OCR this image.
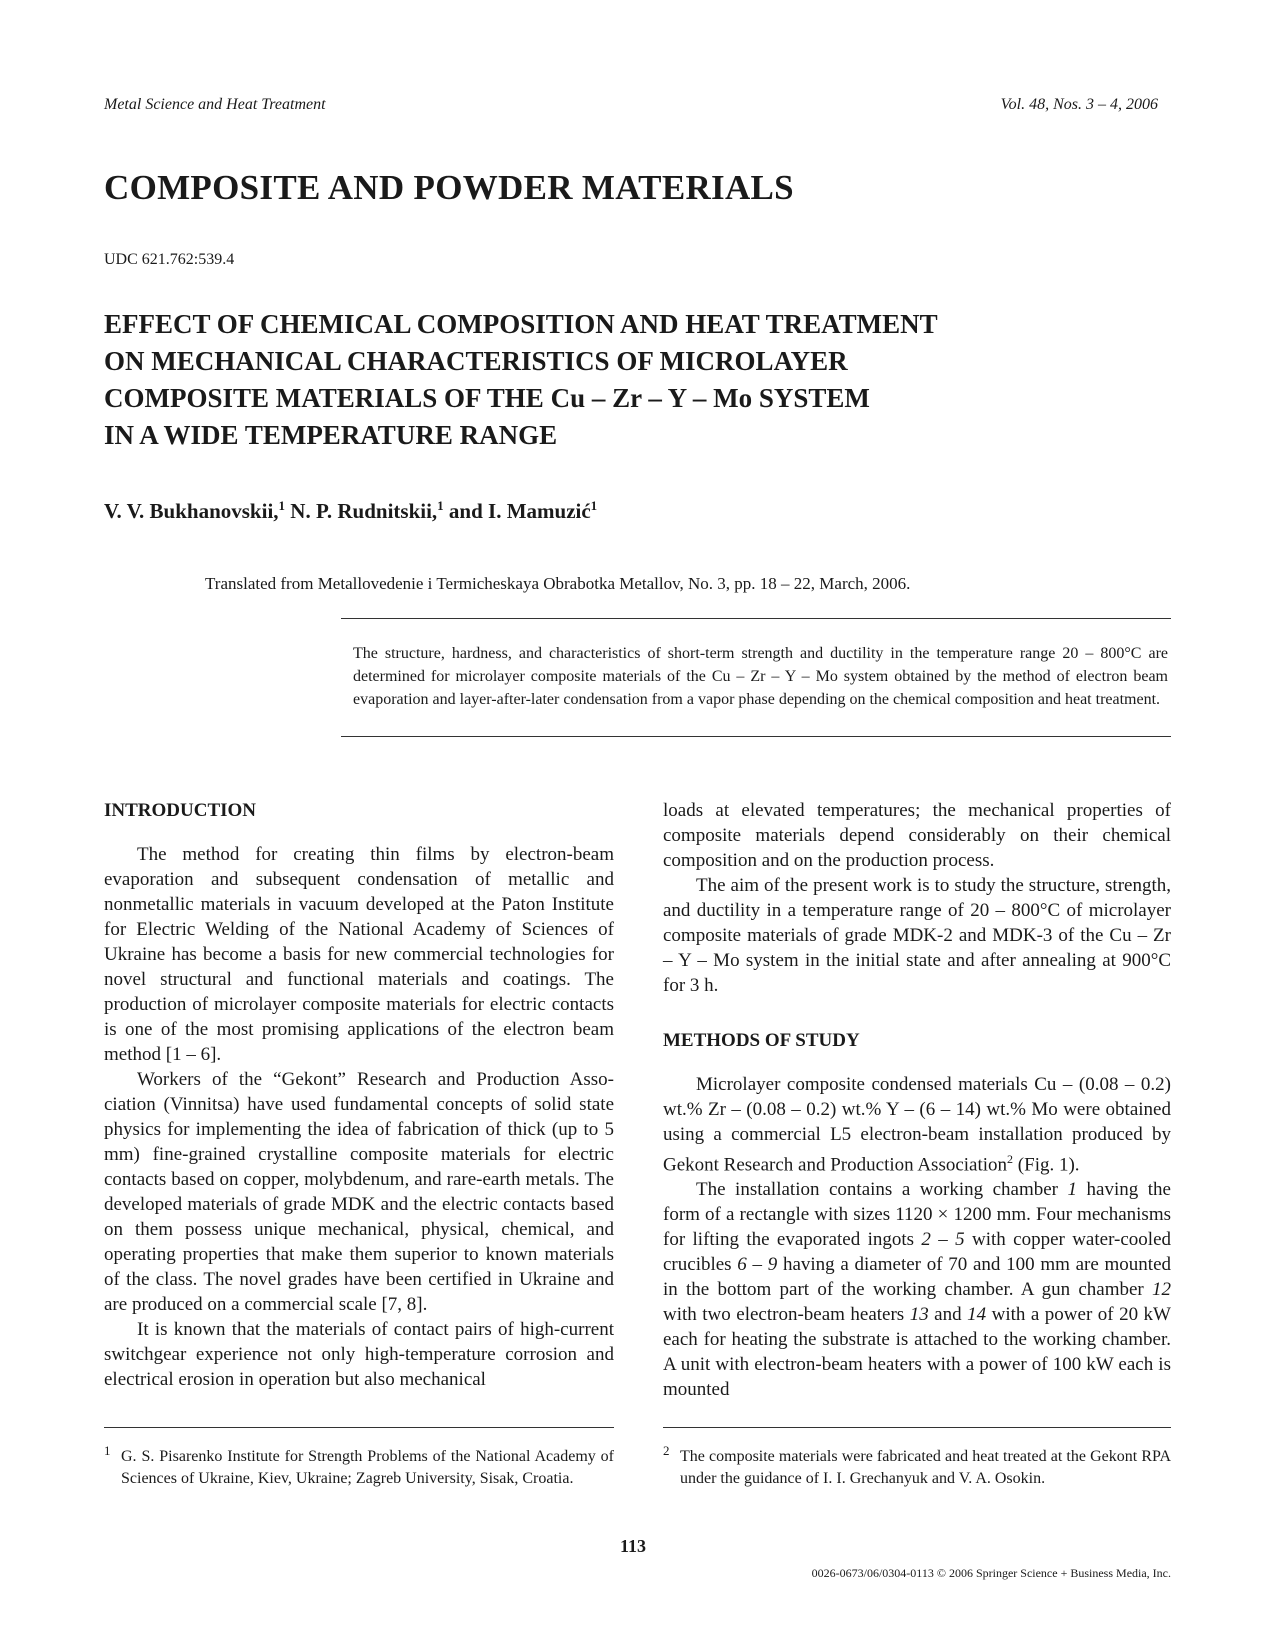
Metal Science and Heat Treatment	Vol. 48, Nos. 3 – 4, 2006
COMPOSITE AND POWDER MATERIALS
UDC 621.762:539.4
EFFECT OF CHEMICAL COMPOSITION AND HEAT TREATMENT
ON MECHANICAL CHARACTERISTICS OF MICROLAYER
COMPOSITE MATERIALS OF THE Cu – Zr – Y – Mo SYSTEM
IN A WIDE TEMPERATURE RANGE
V. V. Bukhanovskii,$^1$ N. P. Rudnitskii,$^1$ and I. Mamuzić$^1$
Translated from Metallovedenie i Termicheskaya Obrabotka Metallov, No. 3, pp. 18 – 22, March, 2006.
The structure, hardness, and characteristics of short-term strength and ductility in the temperature range 20 – 800°C are determined for microlayer composite materials of the Cu – Zr – Y – Mo system obtained by the method of electron beam evaporation and layer-after-later condensation from a vapor phase depending on the chemical composition and heat treatment.
INTRODUCTION

The method for creating thin films by electron-beam evaporation and subsequent condensation of metallic and nonmetallic materials in vacuum developed at the Paton Institute for Electric Welding of the National Academy of Sciences of Ukraine has become a basis for new commercial technologies for novel structural and functional materials and coatings. The production of microlayer composite materials for electric contacts is one of the most promising applications of the electron beam method [1 – 6].

Workers of the “Gekont” Research and Production Association (Vinnitsa) have used fundamental concepts of solid state physics for implementing the idea of fabrication of thick (up to 5 mm) fine-grained crystalline composite materials for electric contacts based on copper, molybdenum, and rare-earth metals. The developed materials of grade MDK and the electric contacts based on them possess unique mechanical, physical, chemical, and operating properties that make them superior to known materials of the class. The novel grades have been certified in Ukraine and are produced on a commercial scale [7, 8].

It is known that the materials of contact pairs of high-current switchgear experience not only high-temperature corrosion and electrical erosion in operation but also mechanical

loads at elevated temperatures; the mechanical properties of composite materials depend considerably on their chemical composition and on the production process.

The aim of the present work is to study the structure, strength, and ductility in a temperature range of 20 – 800°C of microlayer composite materials of grade MDK-2 and MDK-3 of the Cu – Zr – Y – Mo system in the initial state and after annealing at 900°C for 3 h.

METHODS OF STUDY

Microlayer composite condensed materials Cu – (0.08 – 0.2) wt.% Zr – (0.08 – 0.2) wt.% Y – (6 – 14) wt.% Mo were obtained using a commercial L5 electron-beam installation produced by Gekont Research and Production Association$^2$ (Fig. 1).

The installation contains a working chamber 1 having the form of a rectangle with sizes 1120 × 1200 mm. Four mechanisms for lifting the evaporated ingots 2 – 5 with copper water-cooled crucibles 6 – 9 having a diameter of 70 and 100 mm are mounted in the bottom part of the working chamber. A gun chamber 12 with two electron-beam heaters 13 and 14 with a power of 20 kW each for heating the substrate is attached to the working chamber. A unit with electron-beam heaters with a power of 100 kW each is mounted

1 G. S. Pisarenko Institute for Strength Problems of the National Academy of Sciences of Ukraine, Kiev, Ukraine; Zagreb University, Sisak, Croatia.
2 The composite materials were fabricated and heat treated at the Gekont RPA under the guidance of I. I. Grechanyuk and V. A. Osokin.
113
0026-0673/06/0304-0113 © 2006 Springer Science + Business Media, Inc.
